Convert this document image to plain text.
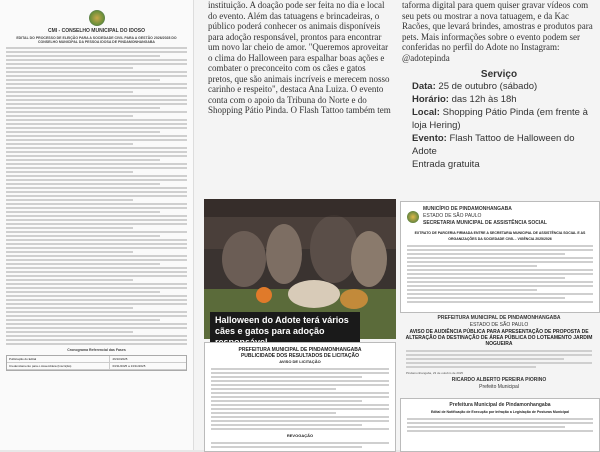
CMI - CONSELHO MUNICIPAL DO IDOSO
EDITAL DO PROCESSO DE ELEIÇÃO PARA A SOCIEDADE CIVIL PARA A GESTÃO 2026/2028 DO CONSELHO MUNICIPAL DA PESSOA IDOSA DE PINDAMONHANGABA
Cronograma Referencial das Fases
Publicação do Edital	26/10/2025
Credenciamento para o Assembleia (Inscrição)	03/11/2025 a 13/11/2025
instituição. A doação pode ser feita no dia e local do evento. Além das tatuagens e brincadeiras, o público poderá conhecer os animais disponíveis para adoção responsável, prontos para encontrar um novo lar cheio de amor. "Queremos aproveitar o clima do Halloween para espalhar boas ações e combater o preconceito com os cães e gatos pretos, que são animais incríveis e merecem nosso carinho e respeito", destaca Ana Luiza. O evento conta com o apoio da Tribuna do Norte e do Shopping Pátio Pinda. O Flash Tattoo também tem
Halloween do Adote terá vários cães e gatos para adoção
PREFEITURA MUNICIPAL DE PINDAMONHANGABA
PUBLICIDADE DOS RESULTADOS DE LICITAÇÃO
AVISO DE LICITAÇÃO
REVOGAÇÃO
taforma digital para quem quiser gravar vídeos com seu pets ou mostrar a nova tatuagem, e da Kac Racões, que levará brindes, amostras e produtos para pets. Mais informações sobre o evento podem ser conferidas no perfil do Adote no Instagram: @adotepinda
Serviço
Data: 25 de outubro (sábado)
Horário: das 12h às 18h
Local: Shopping Pátio Pinda (em frente à loja Hering)
Evento: Flash Tattoo de Halloween do Adote
Entrada gratuita
MUNICÍPIO DE PINDAMONHANGABA
ESTADO DE SÃO PAULO
SECRETARIA MUNICIPAL DE ASSISTÊNCIA SOCIAL
EXTRATO DE PARCERIA FIRMADA ENTRE A SECRETARIA MUNICIPAL DE ASSISTÊNCIA SOCIAL E AS ORGANIZAÇÕES DA SOCIEDADE CIVIL - VIGÊNCIA 2025/2026
PREFEITURA MUNICIPAL DE PINDAMONHANGABA
ESTADO DE SÃO PAULO
AVISO DE AUDIÊNCIA PÚBLICA PARA APRESENTAÇÃO DE PROPOSTA DE ALTERAÇÃO DA DESTINAÇÃO DE ÁREA PÚBLICA DO LOTEAMENTO JARDIM NOGUEIRA
Pindamonhangaba, 23 de outubro de 2025
RICARDO ALBERTO PEREIRA PIORINO
Prefeito Municipal
Prefeitura Municipal de Pindamonhangaba
Edital de Notificação de Execução por Infração a Legislação de Posturas Municipal
